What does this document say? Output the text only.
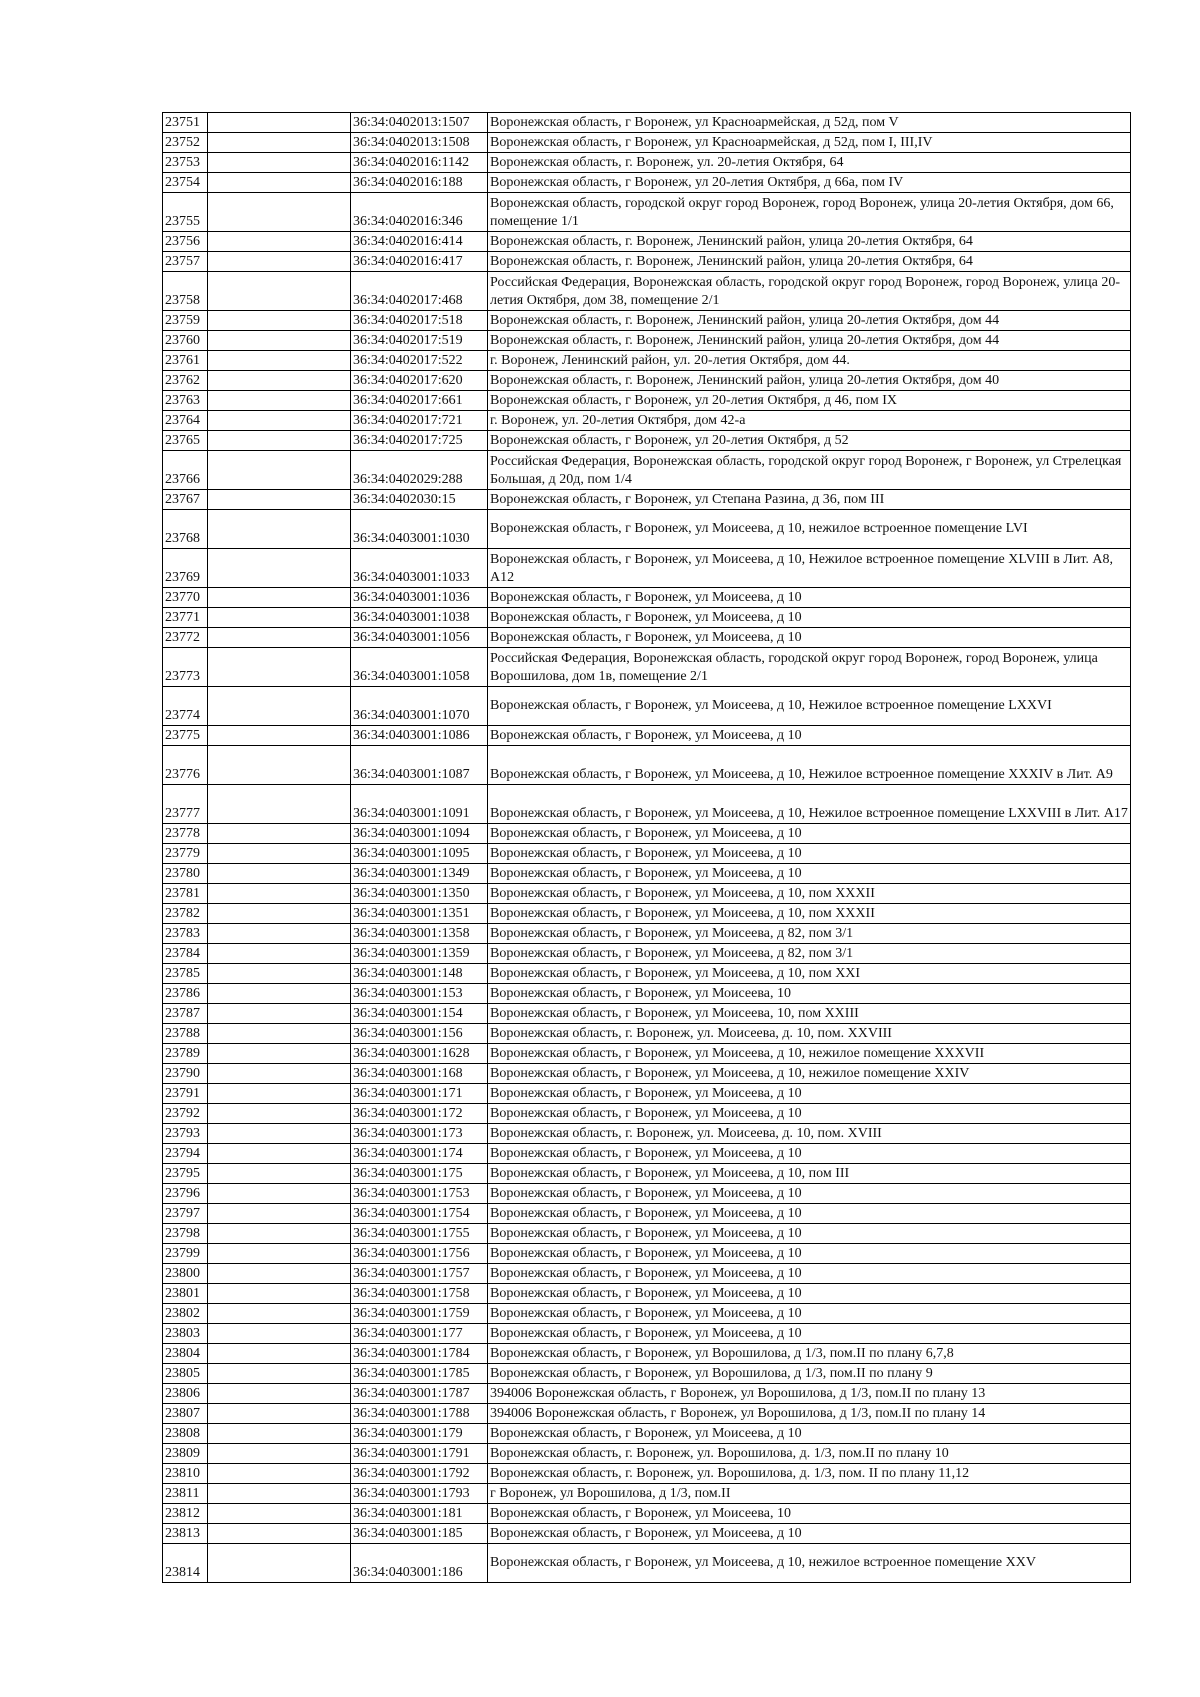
23751		36:34:0402013:1507	Воронежская область, г Воронеж, ул Красноармейская, д 52д, пом V
23752		36:34:0402013:1508	Воронежская область, г Воронеж, ул Красноармейская, д 52д, пом I, III,IV
23753		36:34:0402016:1142	Воронежская область, г. Воронеж, ул. 20-летия Октября, 64
23754		36:34:0402016:188	Воронежская область, г Воронеж, ул 20-летия Октября, д 66а, пом IV
23755		36:34:0402016:346	Воронежская область, городской округ город Воронеж, город Воронеж, улица 20-летия Октября, дом 66, помещение 1/1
23756		36:34:0402016:414	Воронежская область, г. Воронеж, Ленинский район, улица 20-летия Октября, 64
23757		36:34:0402016:417	Воронежская область, г. Воронеж, Ленинский район, улица 20-летия Октября, 64
23758		36:34:0402017:468	Российская Федерация, Воронежская область, городской округ город Воронеж, город Воронеж, улица 20-летия Октября, дом 38, помещение 2/1
23759		36:34:0402017:518	Воронежская область, г. Воронеж, Ленинский район, улица 20-летия Октября, дом 44
23760		36:34:0402017:519	Воронежская область, г. Воронеж, Ленинский район, улица 20-летия Октября, дом 44
23761		36:34:0402017:522	г. Воронеж, Ленинский район, ул. 20-летия Октября, дом 44.
23762		36:34:0402017:620	Воронежская область, г. Воронеж, Ленинский район, улица 20-летия Октября, дом 40
23763		36:34:0402017:661	Воронежская область, г Воронеж, ул 20-летия Октября, д 46, пом IX
23764		36:34:0402017:721	г. Воронеж, ул. 20-летия Октября, дом 42-а
23765		36:34:0402017:725	Воронежская область, г Воронеж, ул 20-летия Октября, д 52
23766		36:34:0402029:288	Российская Федерация, Воронежская область, городской округ город Воронеж, г Воронеж, ул Стрелецкая Большая, д 20д, пом 1/4
23767		36:34:0402030:15	Воронежская область, г Воронеж, ул Степана Разина, д 36, пом III
23768		36:34:0403001:1030	Воронежская область, г Воронеж, ул Моисеева, д 10, нежилое встроенное помещение LVI
23769		36:34:0403001:1033	Воронежская область, г Воронеж, ул Моисеева, д 10, Нежилое встроенное помещение XLVIII в Лит. А8, А12
23770		36:34:0403001:1036	Воронежская область, г Воронеж, ул Моисеева, д 10
23771		36:34:0403001:1038	Воронежская область, г Воронеж, ул Моисеева, д 10
23772		36:34:0403001:1056	Воронежская область, г Воронеж, ул Моисеева, д 10
23773		36:34:0403001:1058	Российская Федерация, Воронежская область, городской округ город Воронеж, город Воронеж, улица Ворошилова, дом 1в, помещение 2/1
23774		36:34:0403001:1070	Воронежская область, г Воронеж, ул Моисеева, д 10, Нежилое встроенное помещение LXXVI
23775		36:34:0403001:1086	Воронежская область, г Воронеж, ул Моисеева, д 10
23776		36:34:0403001:1087	Воронежская область, г Воронеж, ул Моисеева, д 10, Нежилое встроенное помещение XXXIV в Лит. А9
23777		36:34:0403001:1091	Воронежская область, г Воронеж, ул Моисеева, д 10, Нежилое встроенное помещение LXXVIII в Лит. А17
23778		36:34:0403001:1094	Воронежская область, г Воронеж, ул Моисеева, д 10
23779		36:34:0403001:1095	Воронежская область, г Воронеж, ул Моисеева, д 10
23780		36:34:0403001:1349	Воронежская область, г Воронеж, ул Моисеева, д 10
23781		36:34:0403001:1350	Воронежская область, г Воронеж, ул Моисеева, д 10, пом XXXII
23782		36:34:0403001:1351	Воронежская область, г Воронеж, ул Моисеева, д 10, пом XXXII
23783		36:34:0403001:1358	Воронежская область, г Воронеж, ул Моисеева, д 82, пом 3/1
23784		36:34:0403001:1359	Воронежская область, г Воронеж, ул Моисеева, д 82, пом 3/1
23785		36:34:0403001:148	Воронежская область, г Воронеж, ул Моисеева, д 10, пом XXI
23786		36:34:0403001:153	Воронежская область, г Воронеж, ул Моисеева, 10
23787		36:34:0403001:154	Воронежская область, г Воронеж, ул Моисеева, 10, пом XXIII
23788		36:34:0403001:156	Воронежская область, г. Воронеж, ул. Моисеева, д. 10, пом. XXVIII
23789		36:34:0403001:1628	Воронежская область, г Воронеж, ул Моисеева, д 10, нежилое помещение XXXVII
23790		36:34:0403001:168	Воронежская область, г Воронеж, ул Моисеева, д 10, нежилое помещение XXIV
23791		36:34:0403001:171	Воронежская область, г Воронеж, ул Моисеева, д 10
23792		36:34:0403001:172	Воронежская область, г Воронеж, ул Моисеева, д 10
23793		36:34:0403001:173	Воронежская область, г. Воронеж, ул. Моисеева, д. 10, пом. XVIII
23794		36:34:0403001:174	Воронежская область, г Воронеж, ул Моисеева, д 10
23795		36:34:0403001:175	Воронежская область, г Воронеж, ул Моисеева, д 10, пом III
23796		36:34:0403001:1753	Воронежская область, г Воронеж, ул Моисеева, д 10
23797		36:34:0403001:1754	Воронежская область, г Воронеж, ул Моисеева, д 10
23798		36:34:0403001:1755	Воронежская область, г Воронеж, ул Моисеева, д 10
23799		36:34:0403001:1756	Воронежская область, г Воронеж, ул Моисеева, д 10
23800		36:34:0403001:1757	Воронежская область, г Воронеж, ул Моисеева, д 10
23801		36:34:0403001:1758	Воронежская область, г Воронеж, ул Моисеева, д 10
23802		36:34:0403001:1759	Воронежская область, г Воронеж, ул Моисеева, д 10
23803		36:34:0403001:177	Воронежская область, г Воронеж, ул Моисеева, д 10
23804		36:34:0403001:1784	Воронежская область, г Воронеж, ул Ворошилова, д 1/3, пом.II по плану 6,7,8
23805		36:34:0403001:1785	Воронежская область, г Воронеж, ул Ворошилова, д 1/3, пом.II по плану 9
23806		36:34:0403001:1787	394006 Воронежская область, г Воронеж, ул Ворошилова, д 1/3, пом.II по плану 13
23807		36:34:0403001:1788	394006 Воронежская область, г Воронеж, ул Ворошилова, д 1/3, пом.II по плану 14
23808		36:34:0403001:179	Воронежская область, г Воронеж, ул Моисеева, д 10
23809		36:34:0403001:1791	Воронежская область, г. Воронеж, ул. Ворошилова, д. 1/3, пом.II по плану 10
23810		36:34:0403001:1792	Воронежская область, г. Воронеж, ул. Ворошилова, д. 1/3, пом. II по плану 11,12
23811		36:34:0403001:1793	г Воронеж, ул Ворошилова, д 1/3, пом.II
23812		36:34:0403001:181	Воронежская область, г Воронеж, ул Моисеева, 10
23813		36:34:0403001:185	Воронежская область, г Воронеж, ул Моисеева, д 10
23814		36:34:0403001:186	Воронежская область, г Воронеж, ул Моисеева, д 10, нежилое встроенное помещение XXV
